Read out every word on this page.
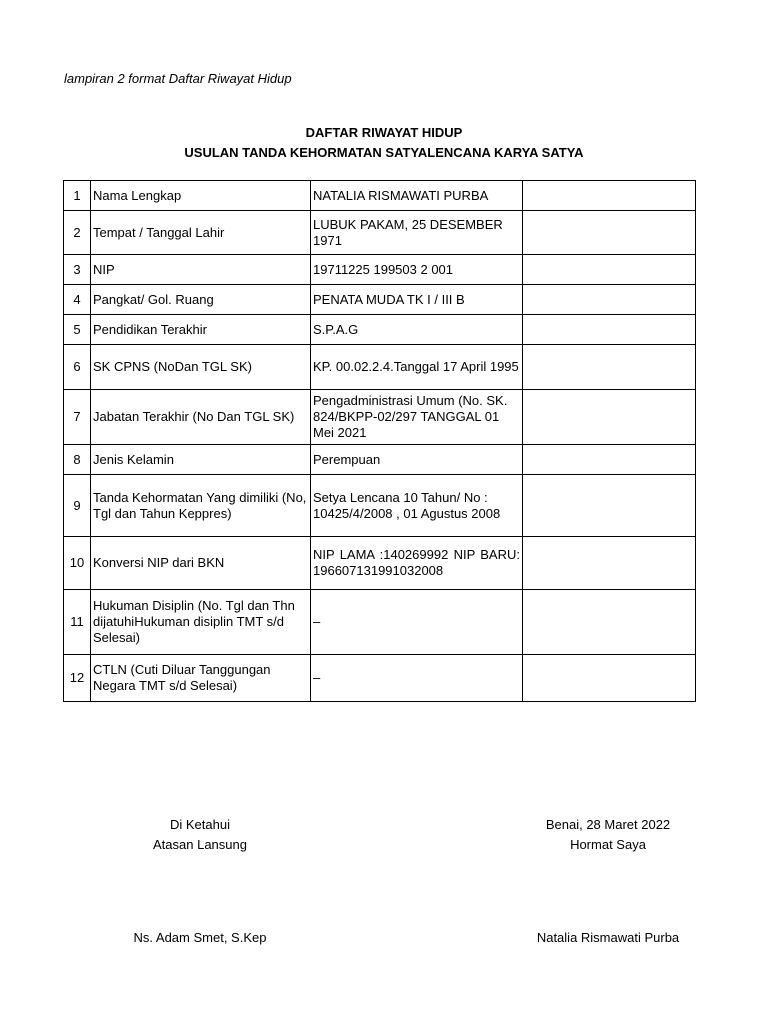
lampiran 2 format Daftar Riwayat Hidup
DAFTAR RIWAYAT HIDUP
USULAN TANDA KEHORMATAN SATYALENCANA KARYA SATYA
1	Nama Lengkap	NATALIA RISMAWATI PURBA	
2	Tempat / Tanggal Lahir	LUBUK PAKAM, 25 DESEMBER 1971	
3	NIP	19711225 199503 2 001	
4	Pangkat/ Gol. Ruang	PENATA MUDA TK I / III B	
5	Pendidikan Terakhir	S.P.A.G	
6	SK CPNS (NoDan TGL SK)	KP. 00.02.2.4.Tanggal 17 April 1995	
7	Jabatan Terakhir (No Dan TGL SK)	Pengadministrasi Umum (No. SK. 824/BKPP-02/297 TANGGAL 01 Mei 2021	
8	Jenis Kelamin	Perempuan	
9	Tanda Kehormatan Yang dimiliki (No, Tgl dan Tahun Keppres)	Setya Lencana 10 Tahun/ No : 10425/4/2008 , 01 Agustus 2008	
10	Konversi NIP dari BKN	NIP LAMA :140269992 NIP BARU: 196607131991032008	
11	Hukuman Disiplin (No. Tgl dan Thn dijatuhiHukuman disiplin TMT s/d Selesai)	–	
12	CTLN (Cuti Diluar Tanggungan Negara TMT s/d Selesai)	–	
Di Ketahui
Atasan Lansung
Ns. Adam Smet, S.Kep
Benai, 28 Maret 2022
Hormat Saya
Natalia Rismawati Purba
